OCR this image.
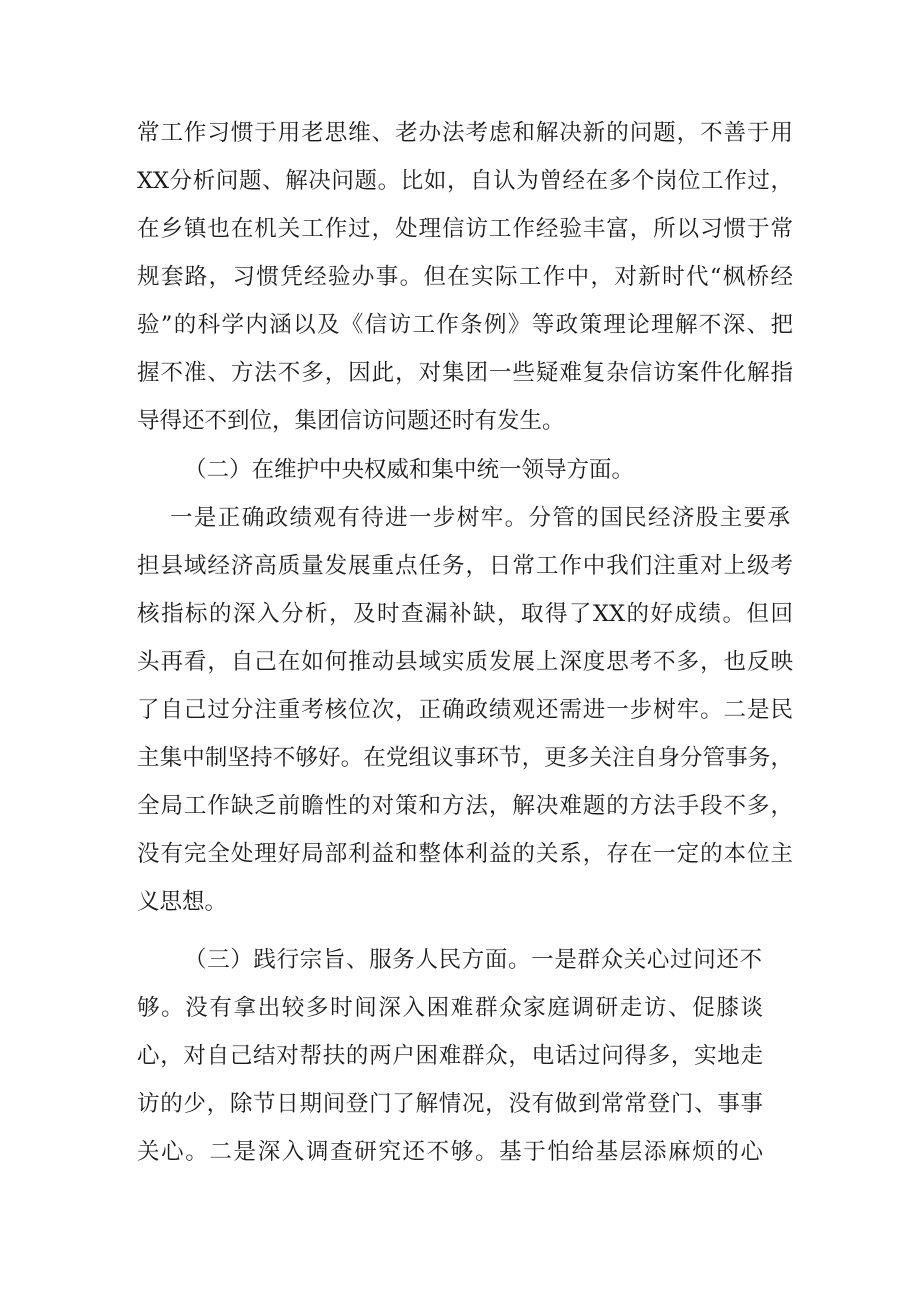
常工作习惯于用老思维、老办法考虑和解决新的问题，不善于用
XX分析问题、解决问题。比如，自认为曾经在多个岗位工作过，
在乡镇也在机关工作过，处理信访工作经验丰富，所以习惯于常
规套路，习惯凭经验办事。但在实际工作中，对新时代“枫桥经
验”的科学内涵以及《信访工作条例》等政策理论理解不深、把
握不准、方法不多，因此，对集团一些疑难复杂信访案件化解指
导得还不到位，集团信访问题还时有发生。
（二）在维护中央权威和集中统一领导方面。
一是正确政绩观有待进一步树牢。分管的国民经济股主要承
担县域经济高质量发展重点任务，日常工作中我们注重对上级考
核指标的深入分析，及时查漏补缺，取得了XX的好成绩。但回
头再看，自己在如何推动县域实质发展上深度思考不多，也反映
了自己过分注重考核位次，正确政绩观还需进一步树牢。二是民
主集中制坚持不够好。在党组议事环节，更多关注自身分管事务，
全局工作缺乏前瞻性的对策和方法，解决难题的方法手段不多，
没有完全处理好局部利益和整体利益的关系，存在一定的本位主
义思想。
（三）践行宗旨、服务人民方面。一是群众关心过问还不
够。没有拿出较多时间深入困难群众家庭调研走访、促膝谈
心，对自己结对帮扶的两户困难群众，电话过问得多，实地走
访的少，除节日期间登门了解情况，没有做到常常登门、事事
关心。二是深入调查研究还不够。基于怕给基层添麻烦的心
